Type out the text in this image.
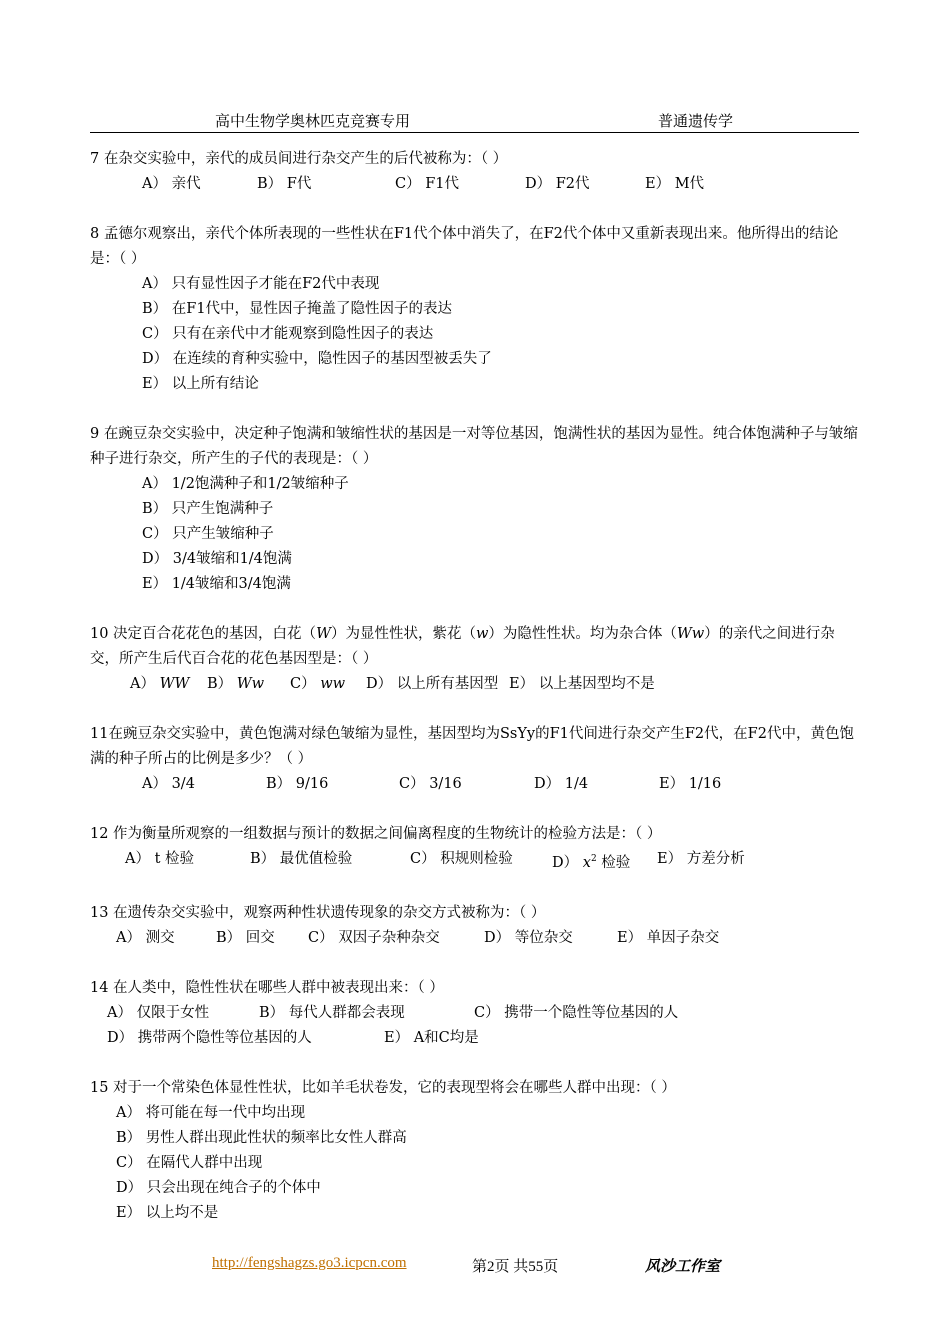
高中生物学奥林匹克竞赛专用	普通遗传学
7 在杂交实验中，亲代的成员间进行杂交产生的后代被称为：（ ）
A） 亲代	B） F代	C） F1代	D） F2代	E） M代
8 孟德尔观察出，亲代个体所表现的一些性状在F1代个体中消失了，在F2代个体中又重新表现出来。他所得出的结论是：（ ）
A） 只有显性因子才能在F2代中表现
B） 在F1代中，显性因子掩盖了隐性因子的表达
C） 只有在亲代中才能观察到隐性因子的表达
D） 在连续的育种实验中，隐性因子的基因型被丢失了
E） 以上所有结论
9 在豌豆杂交实验中，决定种子饱满和皱缩性状的基因是一对等位基因，饱满性状的基因为显性。纯合体饱满种子与皱缩种子进行杂交，所产生的子代的表现是：（ ）
A） 1/2饱满种子和1/2皱缩种子
B） 只产生饱满种子
C） 只产生皱缩种子
D） 3/4皱缩和1/4饱满
E） 1/4皱缩和3/4饱满
10 决定百合花花色的基因，白花（W）为显性性状，紫花（w）为隐性性状。均为杂合体（Ww）的亲代之间进行杂交，所产生后代百合花的花色基因型是：（ ）
A） WW	B） Ww	C） ww	D） 以上所有基因型 E） 以上基因型均不是
11在豌豆杂交实验中，黄色饱满对绿色皱缩为显性，基因型均为SsYy的F1代间进行杂交产生F2代，在F2代中，黄色饱满的种子所占的比例是多少？（ ）
A） 3/4	B） 9/16	C） 3/16	D） 1/4	E） 1/16
12 作为衡量所观察的一组数据与预计的数据之间偏离程度的生物统计的检验方法是：（ ）
A） t 检验	B） 最优值检验	C） 积规则检验	D） $x^2$ 检验	E） 方差分析
13 在遗传杂交实验中，观察两种性状遗传现象的杂交方式被称为：（ ）
A） 测交	B） 回交	C） 双因子杂种杂交	D） 等位杂交	E） 单因子杂交
14 在人类中，隐性性状在哪些人群中被表现出来：（ ）
A） 仅限于女性	B） 每代人群都会表现	C） 携带一个隐性等位基因的人
D） 携带两个隐性等位基因的人	E） A和C均是
15 对于一个常染色体显性性状，比如羊毛状卷发，它的表现型将会在哪些人群中出现：（ ）
A） 将可能在每一代中均出现
B） 男性人群出现此性状的频率比女性人群高
C） 在隔代人群中出现
D） 只会出现在纯合子的个体中
E） 以上均不是
http://fengshagzs.go3.icpcn.com	第2页 共55页	风沙工作室
